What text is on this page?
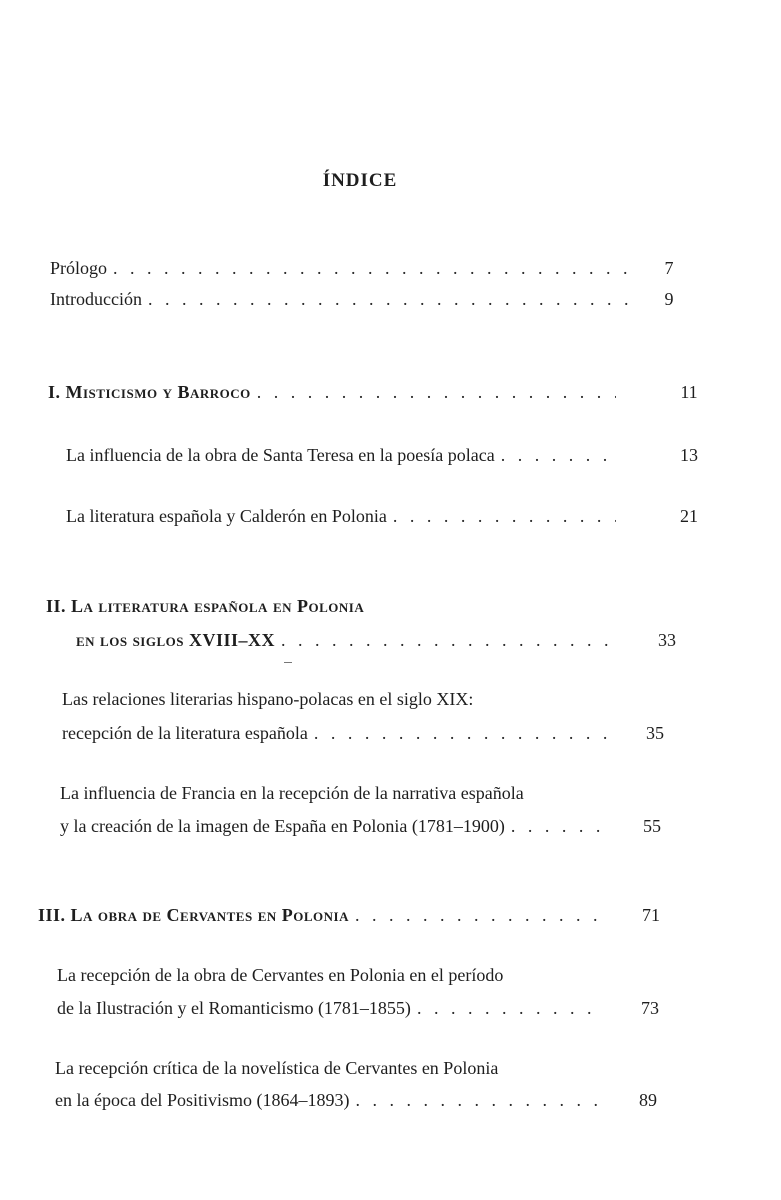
ÍNDICE
Prólogo . . .	7
Introducción . . .	9
I. Misticismo y Barroco . . .	11
La influencia de la obra de Santa Teresa en la poesía polaca . . .	13
La literatura española y Calderón en Polonia . . .	21
II. La literatura española en Polonia
en los siglos XVIII–XX . . .	33
Las relaciones literarias hispano-polacas en el siglo XIX:
recepción de la literatura española . . .	35
La influencia de Francia en la recepción de la narrativa española
y la creación de la imagen de España en Polonia (1781–1900) . . .	55
III. La obra de Cervantes en Polonia . . .	71
La recepción de la obra de Cervantes en Polonia en el período
de la Ilustración y el Romanticismo (1781–1855) . . .	73
La recepción crítica de la novelística de Cervantes en Polonia
en la época del Positivismo (1864–1893) . . .	89
